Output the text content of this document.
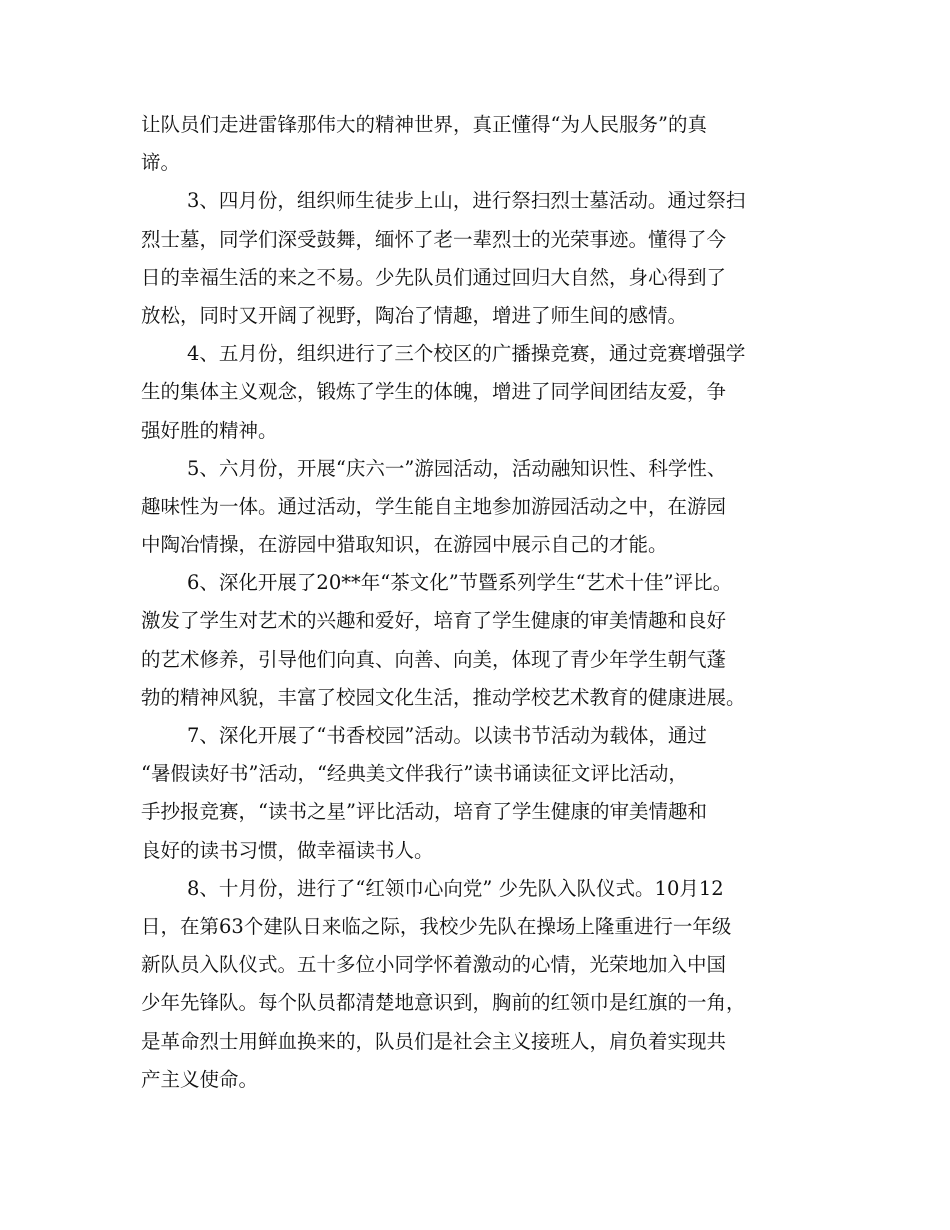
让队员们走进雷锋那伟大的精神世界，真正懂得“为人民服务”的真
谛。
3、四月份，组织师生徒步上山，进行祭扫烈士墓活动。通过祭扫
烈士墓，同学们深受鼓舞，缅怀了老一辈烈士的光荣事迹。懂得了今
日的幸福生活的来之不易。少先队员们通过回归大自然，身心得到了
放松，同时又开阔了视野，陶冶了情趣，增进了师生间的感情。
4、五月份，组织进行了三个校区的广播操竞赛，通过竞赛增强学
生的集体主义观念，锻炼了学生的体魄，增进了同学间团结友爱，争
强好胜的精神。
5、六月份，开展“庆六一”游园活动，活动融知识性、科学性、
趣味性为一体。通过活动，学生能自主地参加游园活动之中，在游园
中陶冶情操，在游园中猎取知识，在游园中展示自己的才能。
6、深化开展了20**年“茶文化”节暨系列学生“艺术十佳”评比。
激发了学生对艺术的兴趣和爱好，培育了学生健康的审美情趣和良好
的艺术修养，引导他们向真、向善、向美，体现了青少年学生朝气蓬
勃的精神风貌，丰富了校园文化生活，推动学校艺术教育的健康进展。
7、深化开展了“书香校园”活动。以读书节活动为载体，通过
“暑假读好书”活动，“经典美文伴我行”读书诵读征文评比活动，
手抄报竞赛，“读书之星”评比活动，培育了学生健康的审美情趣和
良好的读书习惯，做幸福读书人。
8、十月份，进行了“红领巾心向党” 少先队入队仪式。10月12
日，在第63个建队日来临之际，我校少先队在操场上隆重进行一年级
新队员入队仪式。五十多位小同学怀着激动的心情，光荣地加入中国
少年先锋队。每个队员都清楚地意识到，胸前的红领巾是红旗的一角，
是革命烈士用鲜血换来的，队员们是社会主义接班人，肩负着实现共
产主义使命。
